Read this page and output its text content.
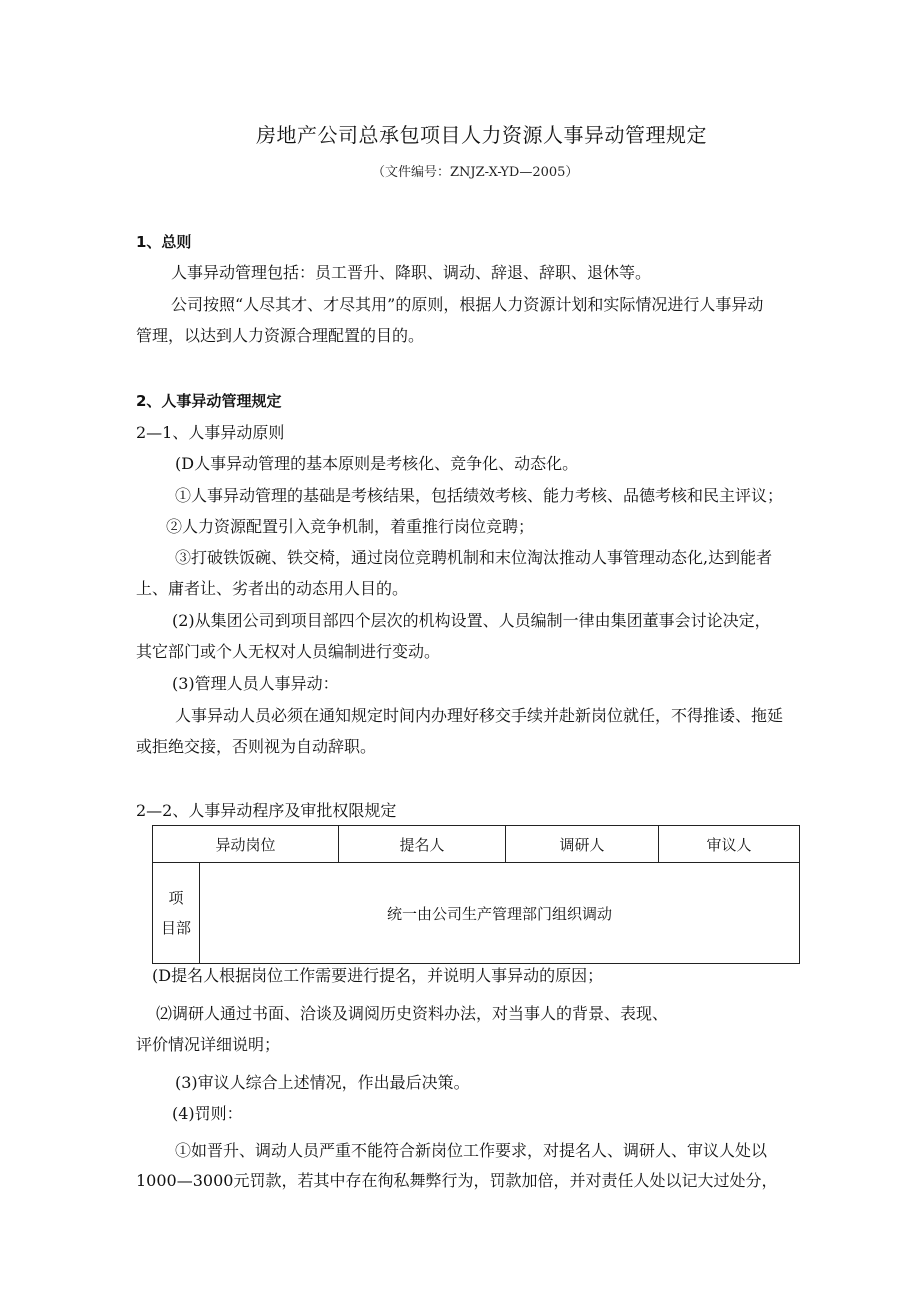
房地产公司总承包项目人力资源人事异动管理规定
（文件编号：ZNJZ-X-YD—2005）
1、总则
人事异动管理包括：员工晋升、降职、调动、辞退、辞职、退休等。
公司按照“人尽其才、才尽其用”的原则，根据人力资源计划和实际情况进行人事异动
管理，以达到人力资源合理配置的目的。
2、人事异动管理规定
2—1、人事异动原则
(D人事异动管理的基本原则是考核化、竞争化、动态化。
①人事异动管理的基础是考核结果，包括绩效考核、能力考核、品德考核和民主评议；
②人力资源配置引入竞争机制，着重推行岗位竞聘；
③打破铁饭碗、铁交椅，通过岗位竞聘机制和末位淘汰推动人事管理动态化,达到能者
上、庸者让、劣者出的动态用人目的。
(2)从集团公司到项目部四个层次的机构设置、人员编制一律由集团董事会讨论决定，
其它部门或个人无权对人员编制进行变动。
(3)管理人员人事异动：
人事异动人员必须在通知规定时间内办理好移交手续并赴新岗位就任，不得推诿、拖延
或拒绝交接，否则视为自动辞职。
2—2、人事异动程序及审批权限规定
异动岗位		提名人	调研人	审议人

项
目部	统一由公司生产管理部门组织调动			
(D提名人根据岗位工作需要进行提名，并说明人事异动的原因；
⑵调研人通过书面、洽谈及调阅历史资料办法，对当事人的背景、表现、
评价情况详细说明；
(3)审议人综合上述情况，作出最后决策。
(4)罚则：
①如晋升、调动人员严重不能符合新岗位工作要求，对提名人、调研人、审议人处以
1000—3000元罚款，若其中存在徇私舞弊行为，罚款加倍，并对责任人处以记大过处分，
